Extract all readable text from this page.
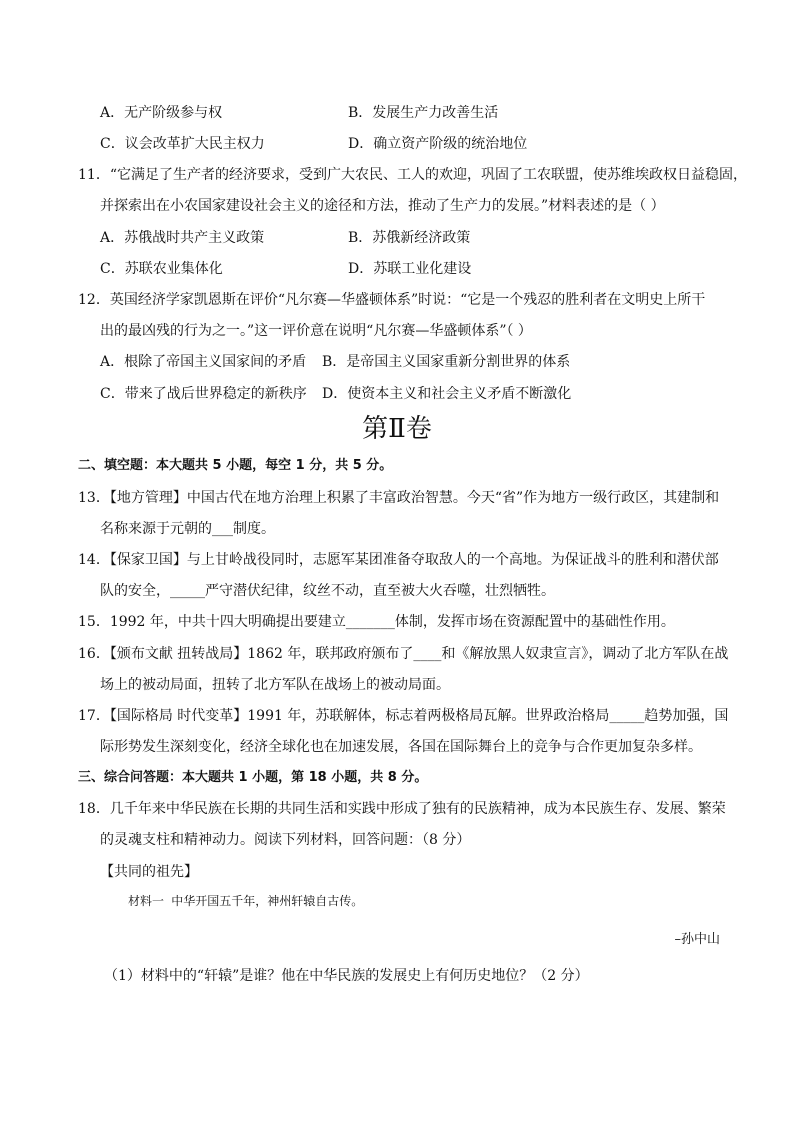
A．无产阶级参与权	B．发展生产力改善生活
C．议会改革扩大民主权力	D．确立资产阶级的统治地位
11．“它满足了生产者的经济要求，受到广大农民、工人的欢迎，巩固了工农联盟，使苏维埃政权日益稳固，
并探索出在小农国家建设社会主义的途径和方法，推动了生产力的发展。”材料表述的是（ ）
A．苏俄战时共产主义政策	B．苏俄新经济政策
C．苏联农业集体化	D．苏联工业化建设
12．英国经济学家凯恩斯在评价“凡尔赛—华盛顿体系”时说：“它是一个残忍的胜利者在文明史上所干
出的最凶残的行为之一。”这一评价意在说明“凡尔赛—华盛顿体系”（ ）
A．根除了帝国主义国家间的矛盾 B．是帝国主义国家重新分割世界的体系
C．带来了战后世界稳定的新秩序 D．使资本主义和社会主义矛盾不断激化
第Ⅱ卷
二、填空题：本大题共 5 小题，每空 1 分，共 5 分。
13．【地方管理】中国古代在地方治理上积累了丰富政治智慧。今天“省”作为地方一级行政区，其建制和
名称来源于元朝的___制度。
14．【保家卫国】与上甘岭战役同时，志愿军某团准备夺取敌人的一个高地。为保证战斗的胜利和潜伏部
队的安全，_____严守潜伏纪律，纹丝不动，直至被大火吞噬，壮烈牺牲。
15．1992 年，中共十四大明确提出要建立_______体制，发挥市场在资源配置中的基础性作用。
16．【颁布文献 扭转战局】1862 年，联邦政府颁布了____和《解放黑人奴隶宣言》，调动了北方军队在战
场上的被动局面，扭转了北方军队在战场上的被动局面。
17．【国际格局 时代变革】1991 年，苏联解体，标志着两极格局瓦解。世界政治格局_____趋势加强，国
际形势发生深刻变化，经济全球化也在加速发展，各国在国际舞台上的竞争与合作更加复杂多样。
三、综合问答题：本大题共 1 小题，第 18 小题，共 8 分。
18．几千年来中华民族在长期的共同生活和实践中形成了独有的民族精神，成为本民族生存、发展、繁荣
的灵魂支柱和精神动力。阅读下列材料，回答问题：（8 分）
【共同的祖先】
材料一 中华开国五千年，神州轩辕自古传。
–孙中山
（1）材料中的“轩辕”是谁？他在中华民族的发展史上有何历史地位？（2 分）
